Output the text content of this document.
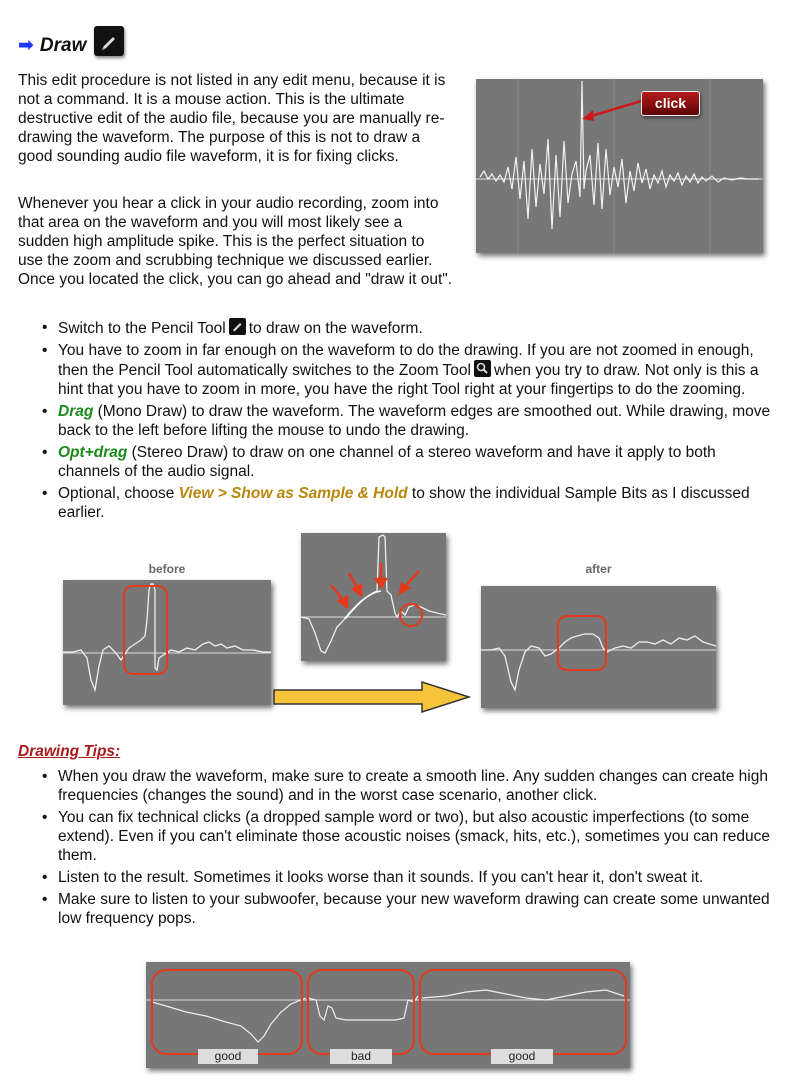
➡ Draw
This edit procedure is not listed in any edit menu, because it is not a command. It is a mouse action. This is the ultimate destructive edit of the audio file, because you are manually re-drawing the waveform. The purpose of this is not to draw a good sounding audio file waveform, it is for fixing clicks.
Whenever you hear a click in your audio recording, zoom into that area on the waveform and you will most likely see a sudden high amplitude spike. This is the perfect situation to use the zoom and scrubbing technique we discussed earlier. Once you located the click, you can go ahead and "draw it out".
click
• Switch to the Pencil Tool to draw on the waveform.
• You have to zoom in far enough on the waveform to do the drawing. If you are not zoomed in enough, then the Pencil Tool automatically switches to the Zoom Tool when you try to draw. Not only is this a hint that you have to zoom in more, you have the right Tool right at your fingertips to do the zooming.
• Drag (Mono Draw) to draw the waveform. The waveform edges are smoothed out. While drawing, move back to the left before lifting the mouse to undo the drawing.
• Opt+drag (Stereo Draw) to draw on one channel of a stereo waveform and have it apply to both channels of the audio signal.
• Optional, choose View > Show as Sample & Hold to show the individual Sample Bits as I discussed earlier.
before	after
Drawing Tips:
• When you draw the waveform, make sure to create a smooth line. Any sudden changes can create high frequencies (changes the sound) and in the worst case scenario, another click.
• You can fix technical clicks (a dropped sample word or two), but also acoustic imperfections (to some extend). Even if you can't eliminate those acoustic noises (smack, hits, etc.), sometimes you can reduce them.
• Listen to the result. Sometimes it looks worse than it sounds. If you can't hear it, don't sweat it.
• Make sure to listen to your subwoofer, because your new waveform drawing can create some unwanted low frequency pops.
good	bad	good
